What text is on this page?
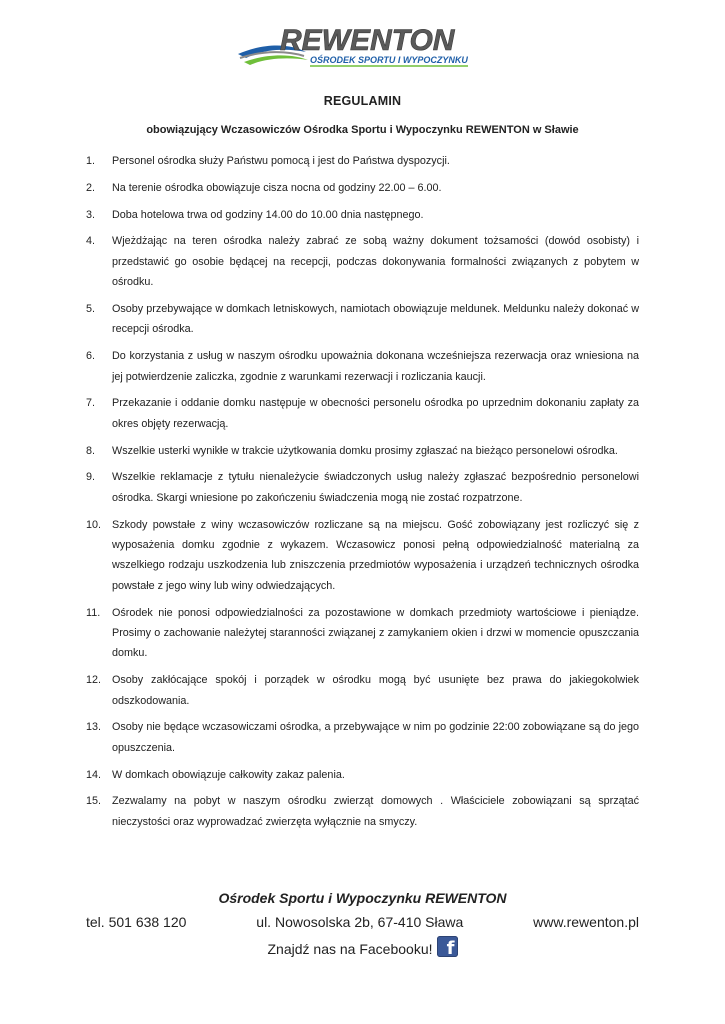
REWENTON
OŚRODEK SPORTU I WYPOCZYNKU
REGULAMIN
obowiązujący Wczasowiczów Ośrodka Sportu i Wypoczynku REWENTON w Sławie
1.	Personel ośrodka służy Państwu pomocą i jest do Państwa dyspozycji.
2.	Na terenie ośrodka obowiązuje cisza nocna od godziny 22.00 – 6.00.
3.	Doba hotelowa trwa od godziny 14.00 do 10.00 dnia następnego.
4.	Wjeżdżając na teren ośrodka należy zabrać ze sobą ważny dokument tożsamości (dowód osobisty) i przedstawić go osobie będącej na recepcji, podczas dokonywania formalności związanych z pobytem w ośrodku.
5.	Osoby przebywające w domkach letniskowych, namiotach obowiązuje meldunek. Meldunku należy dokonać w recepcji ośrodka.
6.	Do korzystania z usług w naszym ośrodku upoważnia dokonana wcześniejsza rezerwacja oraz wniesiona na jej potwierdzenie zaliczka, zgodnie z warunkami rezerwacji i rozliczania kaucji.
7.	Przekazanie i oddanie domku następuje w obecności personelu ośrodka po uprzednim dokonaniu zapłaty za okres objęty rezerwacją.
8.	Wszelkie usterki wynikłe w trakcie użytkowania domku prosimy zgłaszać na bieżąco personelowi ośrodka.
9.	Wszelkie reklamacje z tytułu nienależycie świadczonych usług należy zgłaszać bezpośrednio personelowi ośrodka. Skargi wniesione po zakończeniu świadczenia mogą nie zostać rozpatrzone.
10.	Szkody powstałe z winy wczasowiczów rozliczane są na miejscu. Gość zobowiązany jest rozliczyć się z wyposażenia domku zgodnie z wykazem. Wczasowicz ponosi pełną odpowiedzialność materialną za wszelkiego rodzaju uszkodzenia lub zniszczenia przedmiotów wyposażenia i urządzeń technicznych ośrodka powstałe z jego winy lub winy odwiedzających.
11.	Ośrodek nie ponosi odpowiedzialności za pozostawione w domkach przedmioty wartościowe i pieniądze. Prosimy o zachowanie należytej staranności związanej z zamykaniem okien i drzwi w momencie opuszczania domku.
12.	Osoby zakłócające spokój i porządek w ośrodku mogą być usunięte bez prawa do jakiegokolwiek odszkodowania.
13.	Osoby nie będące wczasowiczami ośrodka, a przebywające w nim po godzinie 22:00 zobowiązane są do jego opuszczenia.
14.	W domkach obowiązuje całkowity zakaz palenia.
15.	Zezwalamy na pobyt w naszym ośrodku zwierząt domowych . Właściciele zobowiązani są sprzątać nieczystości oraz wyprowadzać zwierzęta wyłącznie na smyczy.
Ośrodek Sportu i Wypoczynku REWENTON
tel. 501 638 120	ul. Nowosolska 2b, 67-410 Sława	www.rewenton.pl
Znajdź nas na Facebooku! f
